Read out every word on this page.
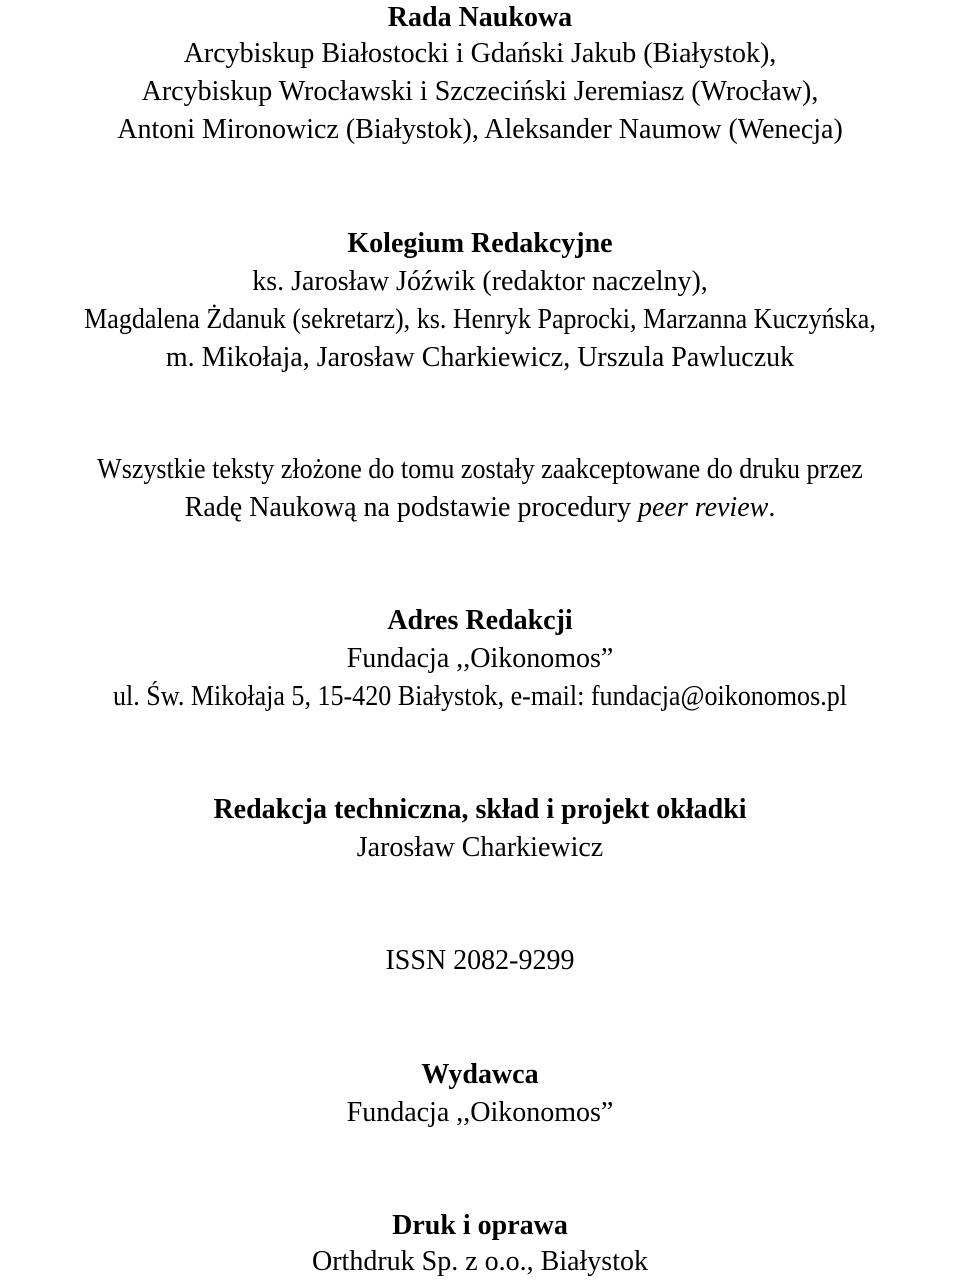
Rada Naukowa
Arcybiskup Białostocki i Gdański Jakub (Białystok),
Arcybiskup Wrocławski i Szczeciński Jeremiasz (Wrocław),
Antoni Mironowicz (Białystok), Aleksander Naumow (Wenecja)
Kolegium Redakcyjne
ks. Jarosław Jóźwik (redaktor naczelny),
Magdalena Żdanuk (sekretarz), ks. Henryk Paprocki, Marzanna Kuczyńska,
m. Mikołaja, Jarosław Charkiewicz, Urszula Pawluczuk
Wszystkie teksty złożone do tomu zostały zaakceptowane do druku przez
Radę Naukową na podstawie procedury peer review.
Adres Redakcji
Fundacja ,,Oikonomos”
ul. Św. Mikołaja 5, 15-420 Białystok, e-mail: fundacja@oikonomos.pl
Redakcja techniczna, skład i projekt okładki
Jarosław Charkiewicz
ISSN 2082-9299
Wydawca
Fundacja ,,Oikonomos”
Druk i oprawa
Orthdruk Sp. z o.o., Białystok
